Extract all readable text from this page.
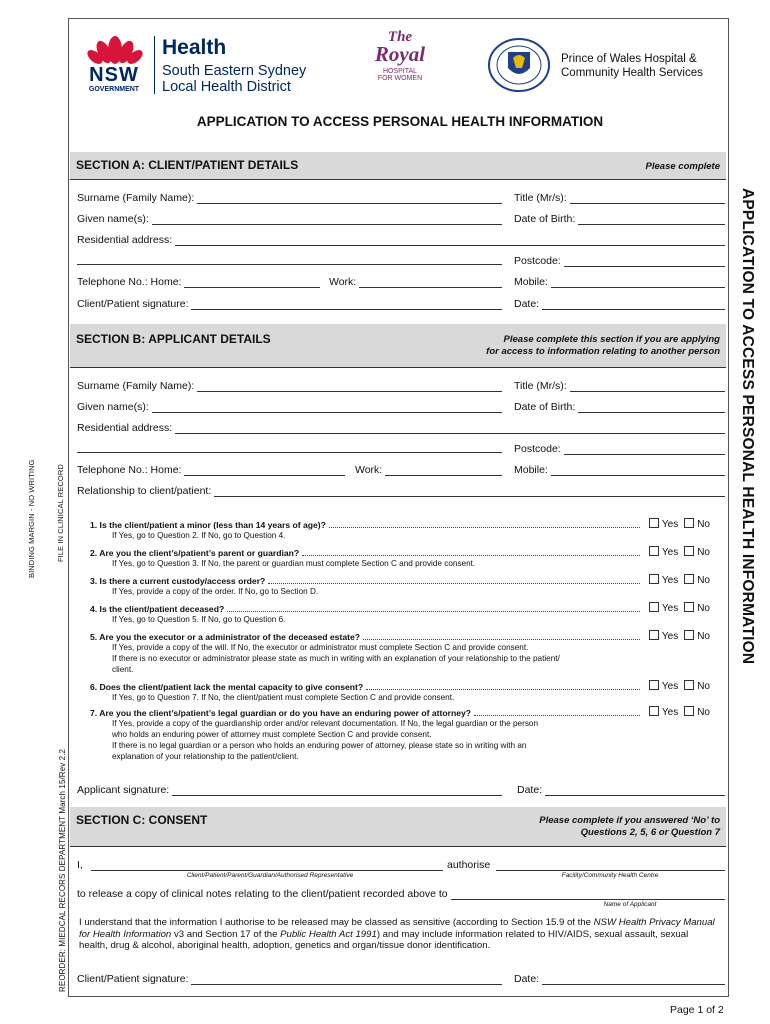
BINDING MARGIN - NO WRITING	FILE IN CLINICAL RECORD
REORDER: MIEDCAL RECORS DEPARTMENT March 15/Rev 2.2
NSW
GOVERNMENT
Health
South Eastern Sydney
Local Health District
The
Royal
HOSPITAL
FOR WOMEN
Prince of Wales Hospital &
Community Health Services
APPLICATION TO ACCESS PERSONAL HEALTH INFORMATION
APPLICATION TO ACCESS PERSONAL HEALTH INFORMATION
SECTION A: CLIENT/PATIENT DETAILS	Please complete
Surname (Family Name):	Title (Mr/s):
Given name(s):	Date of Birth:
Residential address:
Postcode:
Telephone No.: Home:	Work:	Mobile:
Client/Patient signature:	Date:
SECTION B: APPLICANT DETAILS	Please complete this section if you are applying
for access to information relating to another person
Surname (Family Name):	Title (Mr/s):
Given name(s):	Date of Birth:
Residential address:
Postcode:
Telephone No.: Home:	Work:	Mobile:
Relationship to client/patient:
1. Is the client/patient a minor (less than 14 years of age)?	Yes No
If Yes, go to Question 2. If No, go to Question 4.
2. Are you the client’s/patient’s parent or guardian?	Yes No
If Yes, go to Question 3. If No, the parent or guardian must complete Section C and provide consent.
3. Is there a current custody/access order?	Yes No
If Yes, provide a copy of the order. If No, go to Section D.
4. Is the client/patient deceased?	Yes No
If Yes, go to Question 5. If No, go to Question 6.
5. Are you the executor or a administrator of the deceased estate?	Yes No
If Yes, provide a copy of the will. If No, the executor or administrator must complete Section C and provide consent.
If there is no executor or administrator please state as much in writing with an explanation of your relationship to the patient/
client.
6. Does the client/patient lack the mental capacity to give consent?	Yes No
If Yes, go to Question 7. If No, the client/patient must complete Section C and provide consent.
7. Are you the client’s/patient’s legal guardian or do you have an enduring power of attorney?	Yes No
If Yes, provide a copy of the guardianship order and/or relevant documentation. If No, the legal guardian or the person
who holds an enduring power of attorney must complete Section C and provide consent.
If there is no legal guardian or a person who holds an enduring power of attorney, please state so in writing with an
explanation of your relationship to the patient/client.
Applicant signature:	Date:
SECTION C: CONSENT	Please complete if you answered ‘No’ to
Questions 2, 5, 6 or Question 7
I,	authorise
Client/Patient/Parent/Guardian/Authorised Representative	Facility/Community Health Centre
to release a copy of clinical notes relating to the client/patient recorded above to
Name of Applicant
I understand that the information I authorise to be released may be classed as sensitive (according to Section 15.9 of the NSW Health Privacy Manual for Health Information v3 and Section 17 of the Public Health Act 1991) and may include information related to HIV/AIDS, sexual assault, sexual health, drug & alcohol, aboriginal health, adoption, genetics and organ/tissue donor identification.
Client/Patient signature:	Date:
Page 1 of 2
